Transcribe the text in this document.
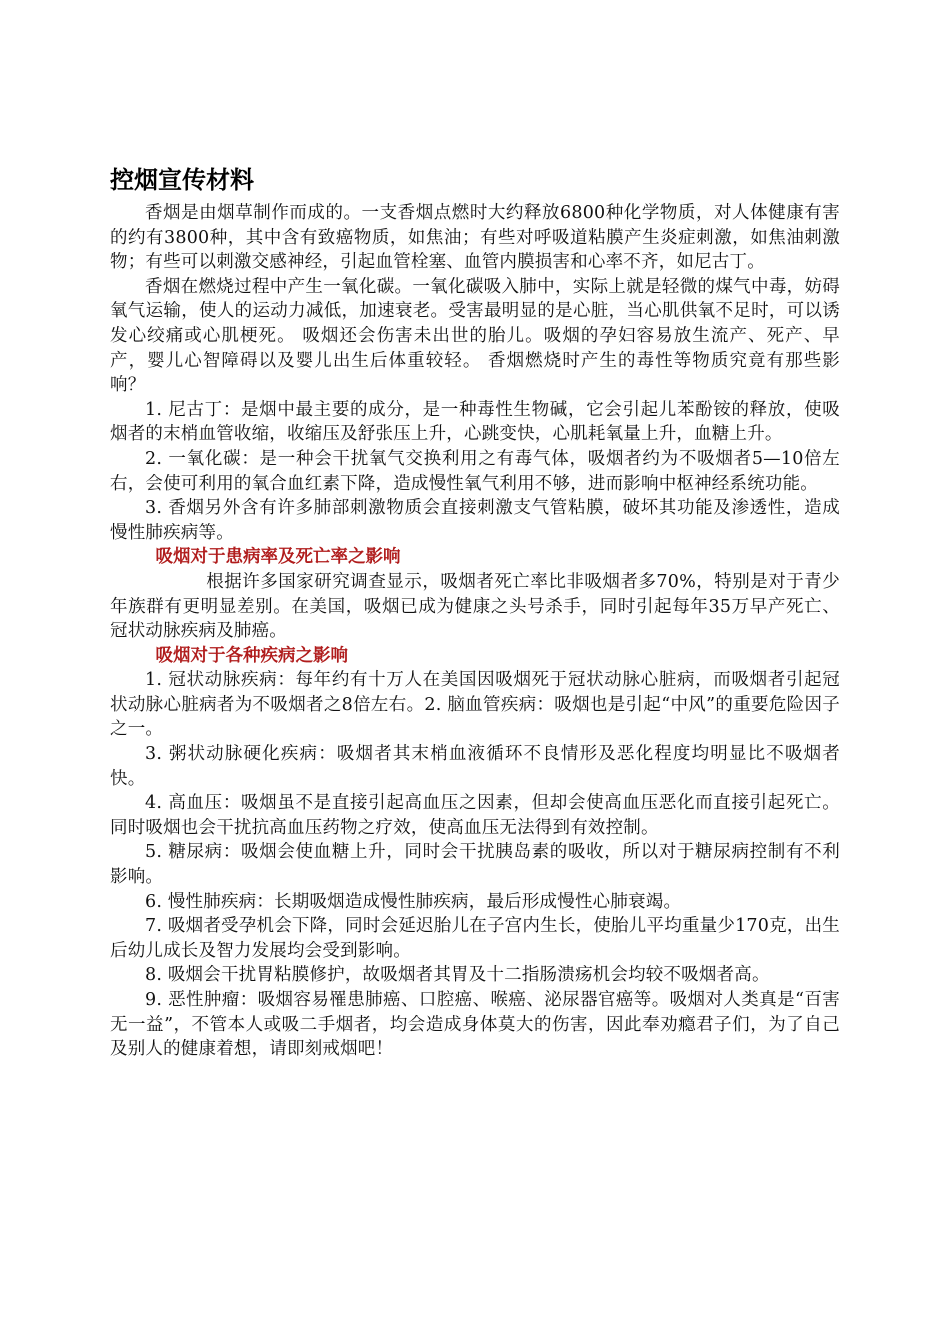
控烟宣传材料

香烟是由烟草制作而成的。一支香烟点燃时大约释放6800种化学物质，对人体健康有害的约有3800种，其中含有致癌物质，如焦油；有些对呼吸道粘膜产生炎症刺激，如焦油刺激物；有些可以刺激交感神经，引起血管栓塞、血管内膜损害和心率不齐，如尼古丁。

香烟在燃烧过程中产生一氧化碳。一氧化碳吸入肺中，实际上就是轻微的煤气中毒，妨碍氧气运输，使人的运动力减低，加速衰老。受害最明显的是心脏，当心肌供氧不足时，可以诱发心绞痛或心肌梗死。 吸烟还会伤害未出世的胎儿。吸烟的孕妇容易放生流产、死产、早产，婴儿心智障碍以及婴儿出生后体重较轻。 香烟燃烧时产生的毒性等物质究竟有那些影响？

1. 尼古丁：是烟中最主要的成分，是一种毒性生物碱，它会引起儿苯酚铵的释放，使吸烟者的末梢血管收缩，收缩压及舒张压上升，心跳变快，心肌耗氧量上升，血糖上升。

2. 一氧化碳：是一种会干扰氧气交换利用之有毒气体，吸烟者约为不吸烟者5—10倍左右，会使可利用的氧合血红素下降，造成慢性氧气利用不够，进而影响中枢神经系统功能。

3. 香烟另外含有许多肺部刺激物质会直接刺激支气管粘膜，破坏其功能及渗透性，造成慢性肺疾病等。

吸烟对于患病率及死亡率之影响

根据许多国家研究调查显示，吸烟者死亡率比非吸烟者多70%，特别是对于青少年族群有更明显差别。在美国，吸烟已成为健康之头号杀手，同时引起每年35万早产死亡、冠状动脉疾病及肺癌。

吸烟对于各种疾病之影响

1. 冠状动脉疾病：每年约有十万人在美国因吸烟死于冠状动脉心脏病，而吸烟者引起冠状动脉心脏病者为不吸烟者之8倍左右。2. 脑血管疾病：吸烟也是引起“中风”的重要危险因子之一。

3. 粥状动脉硬化疾病：吸烟者其末梢血液循环不良情形及恶化程度均明显比不吸烟者快。

4. 高血压：吸烟虽不是直接引起高血压之因素，但却会使高血压恶化而直接引起死亡。同时吸烟也会干扰抗高血压药物之疗效，使高血压无法得到有效控制。

5. 糖尿病：吸烟会使血糖上升，同时会干扰胰岛素的吸收，所以对于糖尿病控制有不利影响。

6. 慢性肺疾病：长期吸烟造成慢性肺疾病，最后形成慢性心肺衰竭。

7. 吸烟者受孕机会下降，同时会延迟胎儿在子宫内生长，使胎儿平均重量少170克，出生后幼儿成长及智力发展均会受到影响。

8. 吸烟会干扰胃粘膜修护，故吸烟者其胃及十二指肠溃疡机会均较不吸烟者高。

9. 恶性肿瘤：吸烟容易罹患肺癌、口腔癌、喉癌、泌尿器官癌等。吸烟对人类真是“百害无一益”，不管本人或吸二手烟者，均会造成身体莫大的伤害，因此奉劝瘾君子们，为了自己及别人的健康着想，请即刻戒烟吧！
